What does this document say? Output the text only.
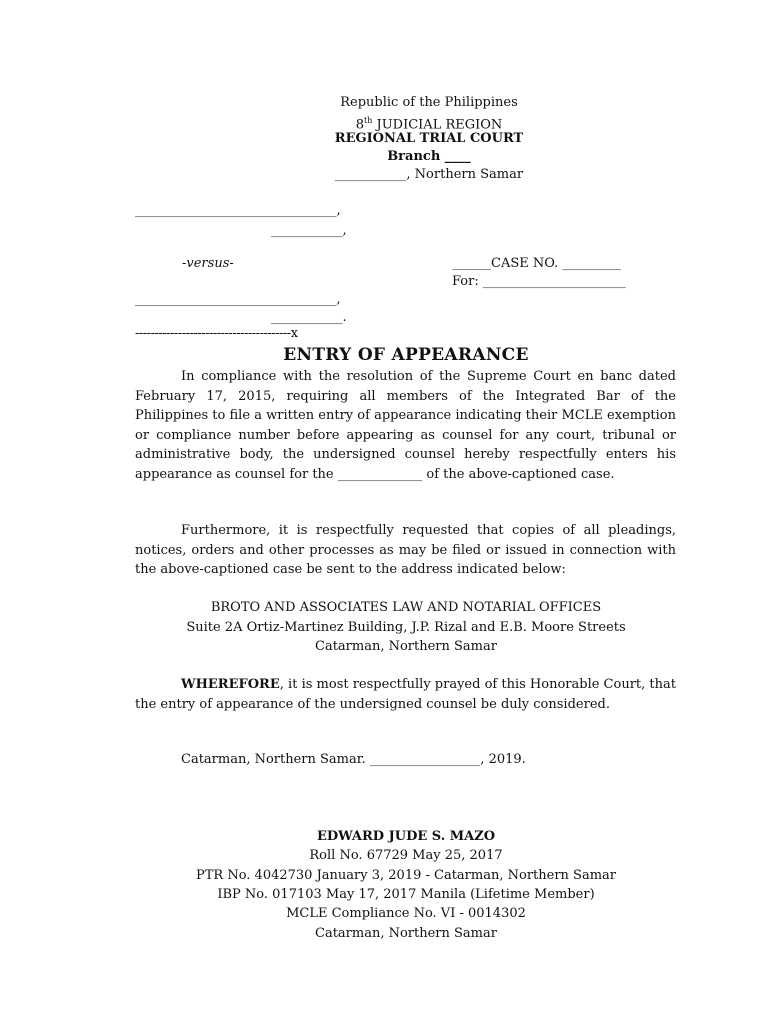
Republic of the Philippines
8th JUDICIAL REGION
REGIONAL TRIAL COURT
Branch ____
___________, Northern Samar
_______________________________,
___________,
-versus-	______CASE NO. _________
For: ______________________
_______________________________,
___________.
----------------------------------------x
ENTRY OF APPEARANCE
In compliance with the resolution of the Supreme Court en banc dated February 17, 2015, requiring all members of the Integrated Bar of the Philippines to file a written entry of appearance indicating their MCLE exemption or compliance number before appearing as counsel for any court, tribunal or administrative body, the undersigned counsel hereby respectfully enters his appearance as counsel for the _____________ of the above-captioned case.
Furthermore, it is respectfully requested that copies of all pleadings, notices, orders and other processes as may be filed or issued in connection with the above-captioned case be sent to the address indicated below:
BROTO AND ASSOCIATES LAW AND NOTARIAL OFFICES
Suite 2A Ortiz-Martinez Building, J.P. Rizal and E.B. Moore Streets
Catarman, Northern Samar
WHEREFORE, it is most respectfully prayed of this Honorable Court, that the entry of appearance of the undersigned counsel be duly considered.
Catarman, Northern Samar. _________________, 2019.
EDWARD JUDE S. MAZO
Roll No. 67729 May 25, 2017
PTR No. 4042730 January 3, 2019 - Catarman, Northern Samar
IBP No. 017103 May 17, 2017 Manila (Lifetime Member)
MCLE Compliance No. VI - 0014302
Catarman, Northern Samar
